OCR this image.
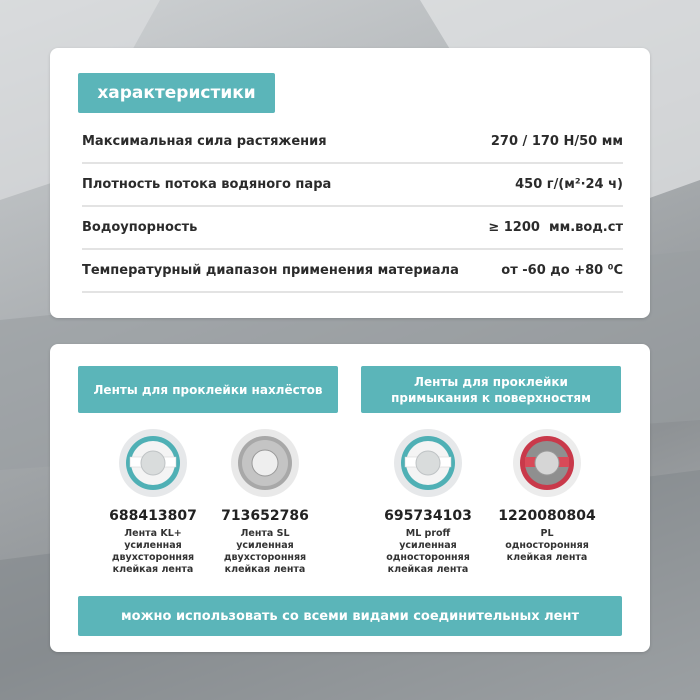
характеристики
Максимальная сила растяжения	270 / 170 Н/50 мм
Плотность потока водяного пара	450 г/(м²·24 ч)
Водоупорность	≥ 1200  мм.вод.ст
Температурный диапазон применения материала	от -60 до +80 ⁰С
Ленты для проклейки нахлёстов
Ленты для проклейки
примыкания к поверхностям
688413807
Лента KL+
усиленная
двухсторонняя
клейкая лента
713652786
Лента SL
усиленная
двухсторонняя
клейкая лента
695734103
ML proff
усиленная
односторонняя
клейкая лента
1220080804
PL
односторонняя
клейкая лента
можно использовать со всеми видами соединительных лент
